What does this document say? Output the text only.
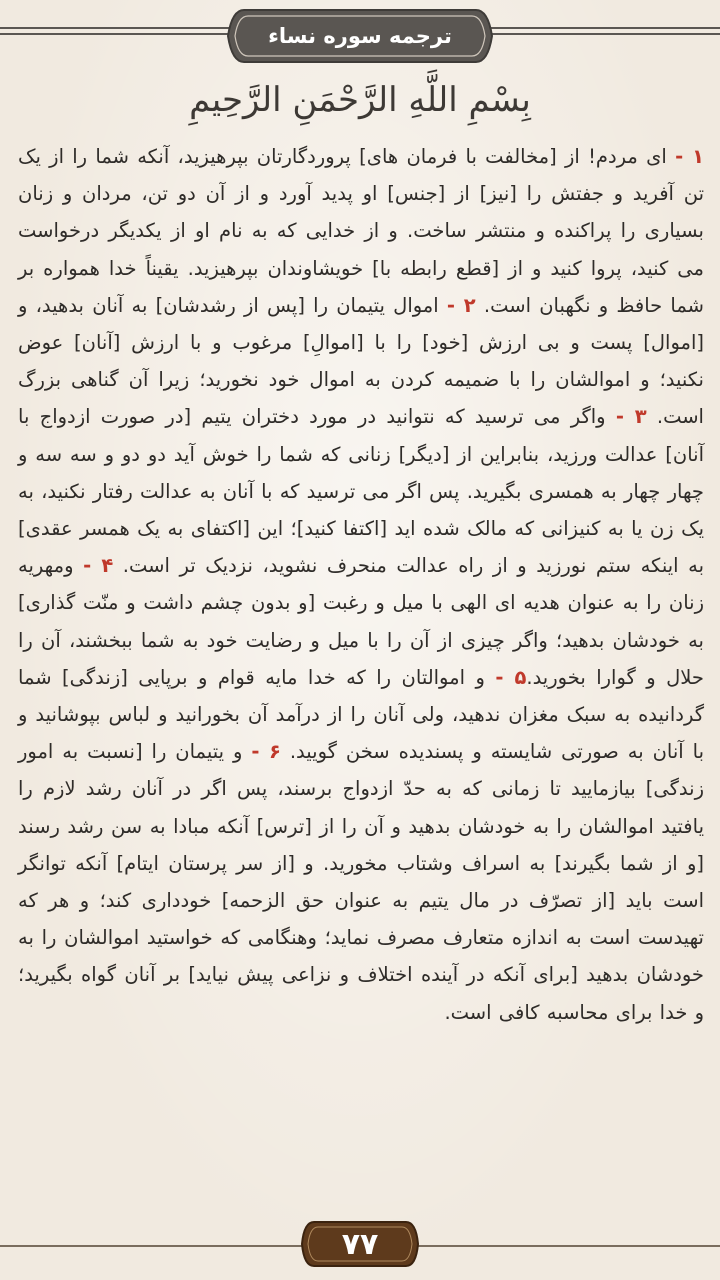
ترجمه سوره نساء
بِسْمِ اللَّهِ الرَّحْمَنِ الرَّحِيمِ
۱ - ای مردم! از [مخالفت با فرمان های] پروردگارتان بپرهیزید، آنکه شما را از یک تن آفرید و جفتش را [نیز] از [جنس] او پدید آورد و از آن دو تن، مردان و زنان بسیاری را پراکنده و منتشر ساخت. و از خدایی که به نام او از یکدیگر درخواست می کنید، پروا کنید و از [قطع رابطه با] خویشاوندان بپرهیزید. یقیناً خدا همواره بر شما حافظ و نگهبان است. ۲ - اموال یتیمان را [پس از رشدشان] به آنان بدهید، و [اموال] پست و بی ارزش [خود] را با [اموالِ] مرغوب و با ارزش [آنان] عوض نکنید؛ و اموالشان را با ضمیمه کردن به اموال خود نخورید؛ زیرا آن گناهی بزرگ است. ۳ - واگر می ترسید که نتوانید در مورد دختران یتیم [در صورت ازدواج با آنان] عدالت ورزید، بنابراین از [دیگر] زنانی که شما را خوش آید دو دو و سه سه و چهار چهار به همسری بگیرید. پس اگر می ترسید که با آنان به عدالت رفتار نکنید، به یک زن یا به کنیزانی که مالک شده اید [اکتفا کنید]؛ این [اکتفای به یک همسر عقدی] به اینکه ستم نورزید و از راه عدالت منحرف نشوید، نزدیک تر است. ۴ - ومهریه زنان را به عنوان هدیه ای الهی با میل و رغبت [و بدون چشم داشت و منّت گذاری] به خودشان بدهید؛ واگر چیزی از آن را با میل و رضایت خود به شما ببخشند، آن را حلال و گوارا بخورید.۵ - و اموالتان را که خدا مایه قوام و برپایی [زندگی] شما گردانیده به سبک مغزان ندهید، ولی آنان را از درآمد آن بخورانید و لباس بپوشانید و با آنان به صورتی شایسته و پسندیده سخن گویید. ۶ - و یتیمان را [نسبت به امور زندگی] بیازمایید تا زمانی که به حدّ ازدواج برسند، پس اگر در آنان رشد لازم را یافتید اموالشان را به خودشان بدهید و آن را از [ترس] آنکه مبادا به سن رشد رسند [و از شما بگیرند] به اسراف وشتاب مخورید. و [از سر پرستان ایتام] آنکه توانگر است باید [از تصرّف در مال یتیم به عنوان حق الزحمه] خودداری کند؛ و هر که تهیدست است به اندازه متعارف مصرف نماید؛ وهنگامی که خواستید اموالشان را به خودشان بدهید [برای آنکه در آینده اختلاف و نزاعی پیش نیاید] بر آنان گواه بگیرید؛ و خدا برای محاسبه کافی است.
۷۷
